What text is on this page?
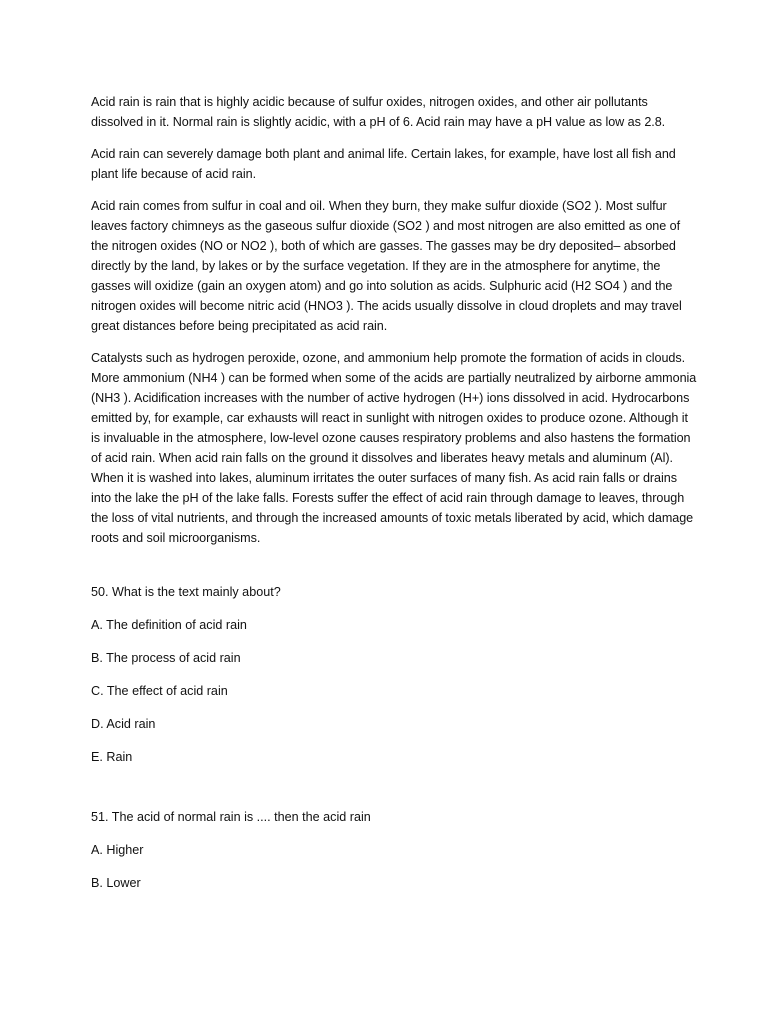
Acid rain is rain that is highly acidic because of sulfur oxides, nitrogen oxides, and other air pollutants dissolved in it. Normal rain is slightly acidic, with a pH of 6. Acid rain may have a pH value as low as 2.8.

Acid rain can severely damage both plant and animal life. Certain lakes, for example, have lost all fish and plant life because of acid rain.

Acid rain comes from sulfur in coal and oil. When they burn, they make sulfur dioxide (SO2 ). Most sulfur leaves factory chimneys as the gaseous sulfur dioxide (SO2 ) and most nitrogen are also emitted as one of the nitrogen oxides (NO or NO2 ), both of which are gasses. The gasses may be dry deposited– absorbed directly by the land, by lakes or by the surface vegetation. If they are in the atmosphere for anytime, the gasses will oxidize (gain an oxygen atom) and go into solution as acids. Sulphuric acid (H2 SO4 ) and the nitrogen oxides will become nitric acid (HNO3 ). The acids usually dissolve in cloud droplets and may travel great distances before being precipitated as acid rain.

Catalysts such as hydrogen peroxide, ozone, and ammonium help promote the formation of acids in clouds. More ammonium (NH4 ) can be formed when some of the acids are partially neutralized by airborne ammonia (NH3 ). Acidification increases with the number of active hydrogen (H+) ions dissolved in acid. Hydrocarbons emitted by, for example, car exhausts will react in sunlight with nitrogen oxides to produce ozone. Although it is invaluable in the atmosphere, low-level ozone causes respiratory problems and also hastens the formation of acid rain. When acid rain falls on the ground it dissolves and liberates heavy metals and aluminum (Al). When it is washed into lakes, aluminum irritates the outer surfaces of many fish. As acid rain falls or drains into the lake the pH of the lake falls. Forests suffer the effect of acid rain through damage to leaves, through the loss of vital nutrients, and through the increased amounts of toxic metals liberated by acid, which damage roots and soil microorganisms.

50. What is the text mainly about?

A. The definition of acid rain

B. The process of acid rain

C. The effect of acid rain

D. Acid rain

E. Rain

51. The acid of normal rain is .... then the acid rain

A. Higher

B. Lower
